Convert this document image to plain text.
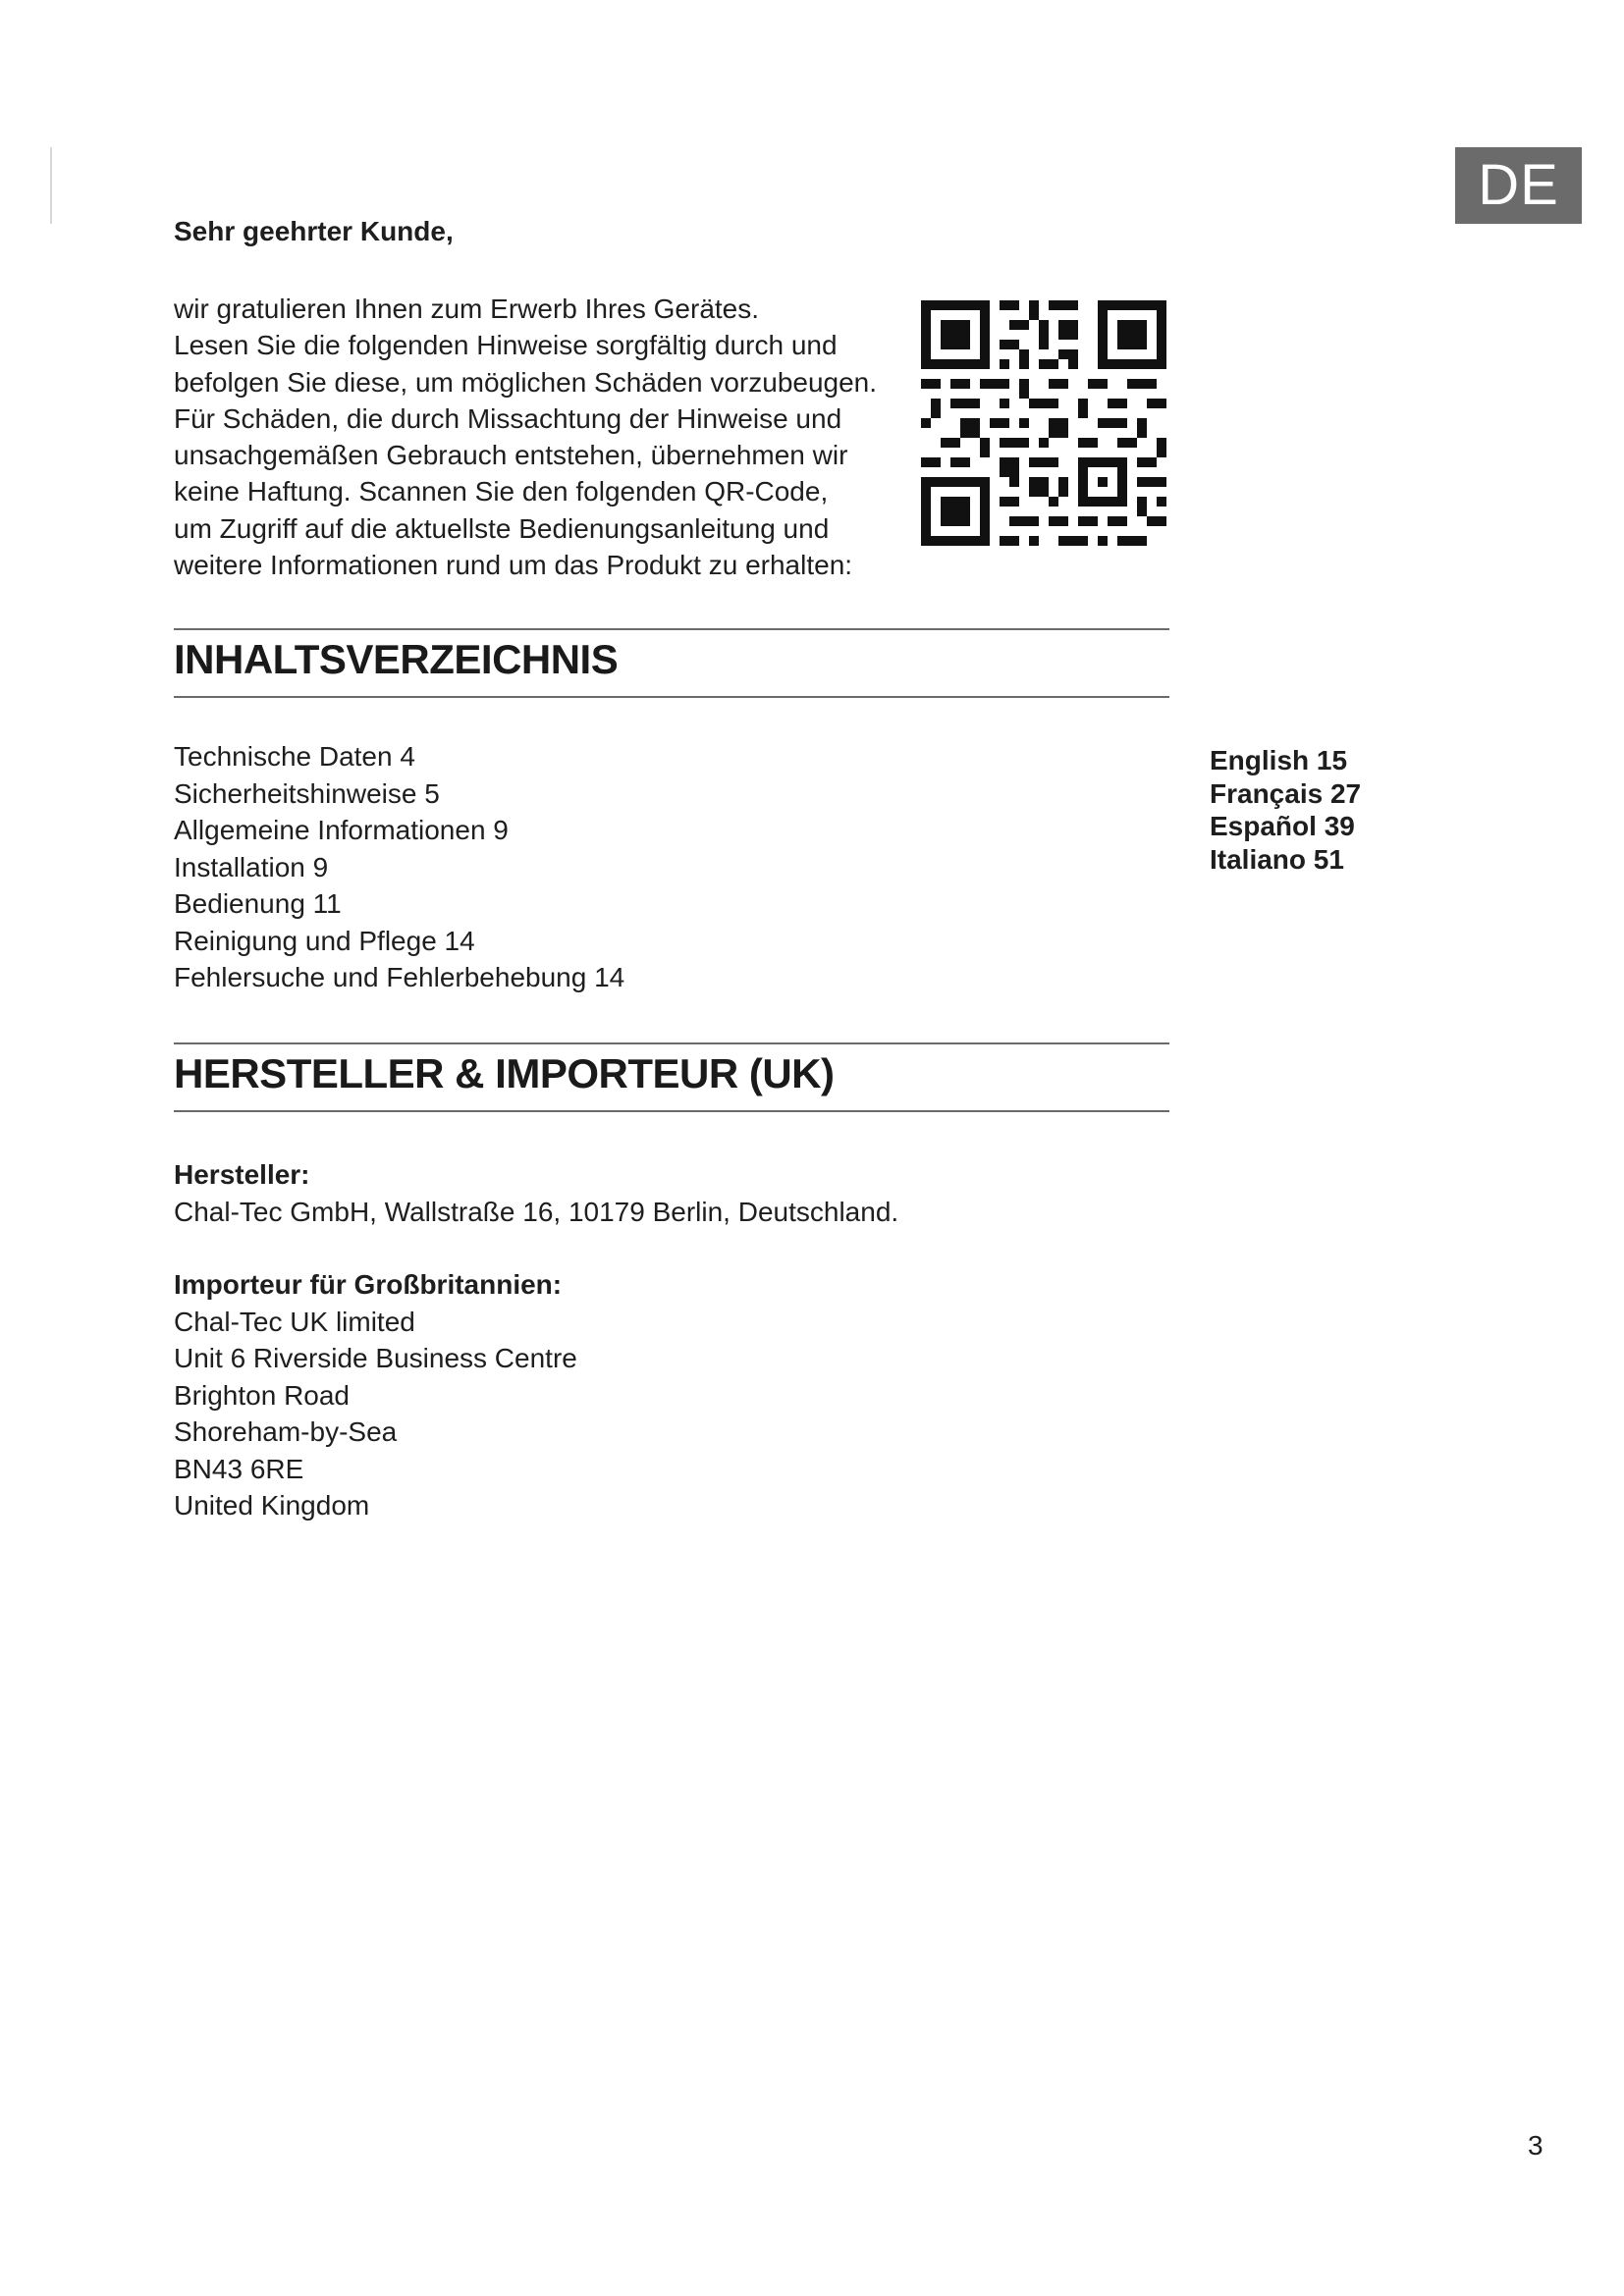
DE
Sehr geehrter Kunde,

wir gratulieren Ihnen zum Erwerb Ihres Gerätes.
Lesen Sie die folgenden Hinweise sorgfältig durch und
befolgen Sie diese, um möglichen Schäden vorzubeugen.
Für Schäden, die durch Missachtung der Hinweise und
unsachgemäßen Gebrauch entstehen, übernehmen wir
keine Haftung. Scannen Sie den folgenden QR-Code,
um Zugriff auf die aktuellste Bedienungsanleitung und
weitere Informationen rund um das Produkt zu erhalten:

INHALTSVERZEICHNIS
Technische Daten 4
Sicherheitshinweise 5
Allgemeine Informationen 9
Installation 9
Bedienung 11
Reinigung und Pflege 14
Fehlersuche und Fehlerbehebung 14
English 15
Français 27
Español 39
Italiano 51
HERSTELLER & IMPORTEUR (UK)
Hersteller:
Chal-Tec GmbH, Wallstraße 16, 10179 Berlin, Deutschland.
Importeur für Großbritannien:
Chal-Tec UK limited
Unit 6 Riverside Business Centre
Brighton Road
Shoreham-by-Sea
BN43 6RE
United Kingdom
3
